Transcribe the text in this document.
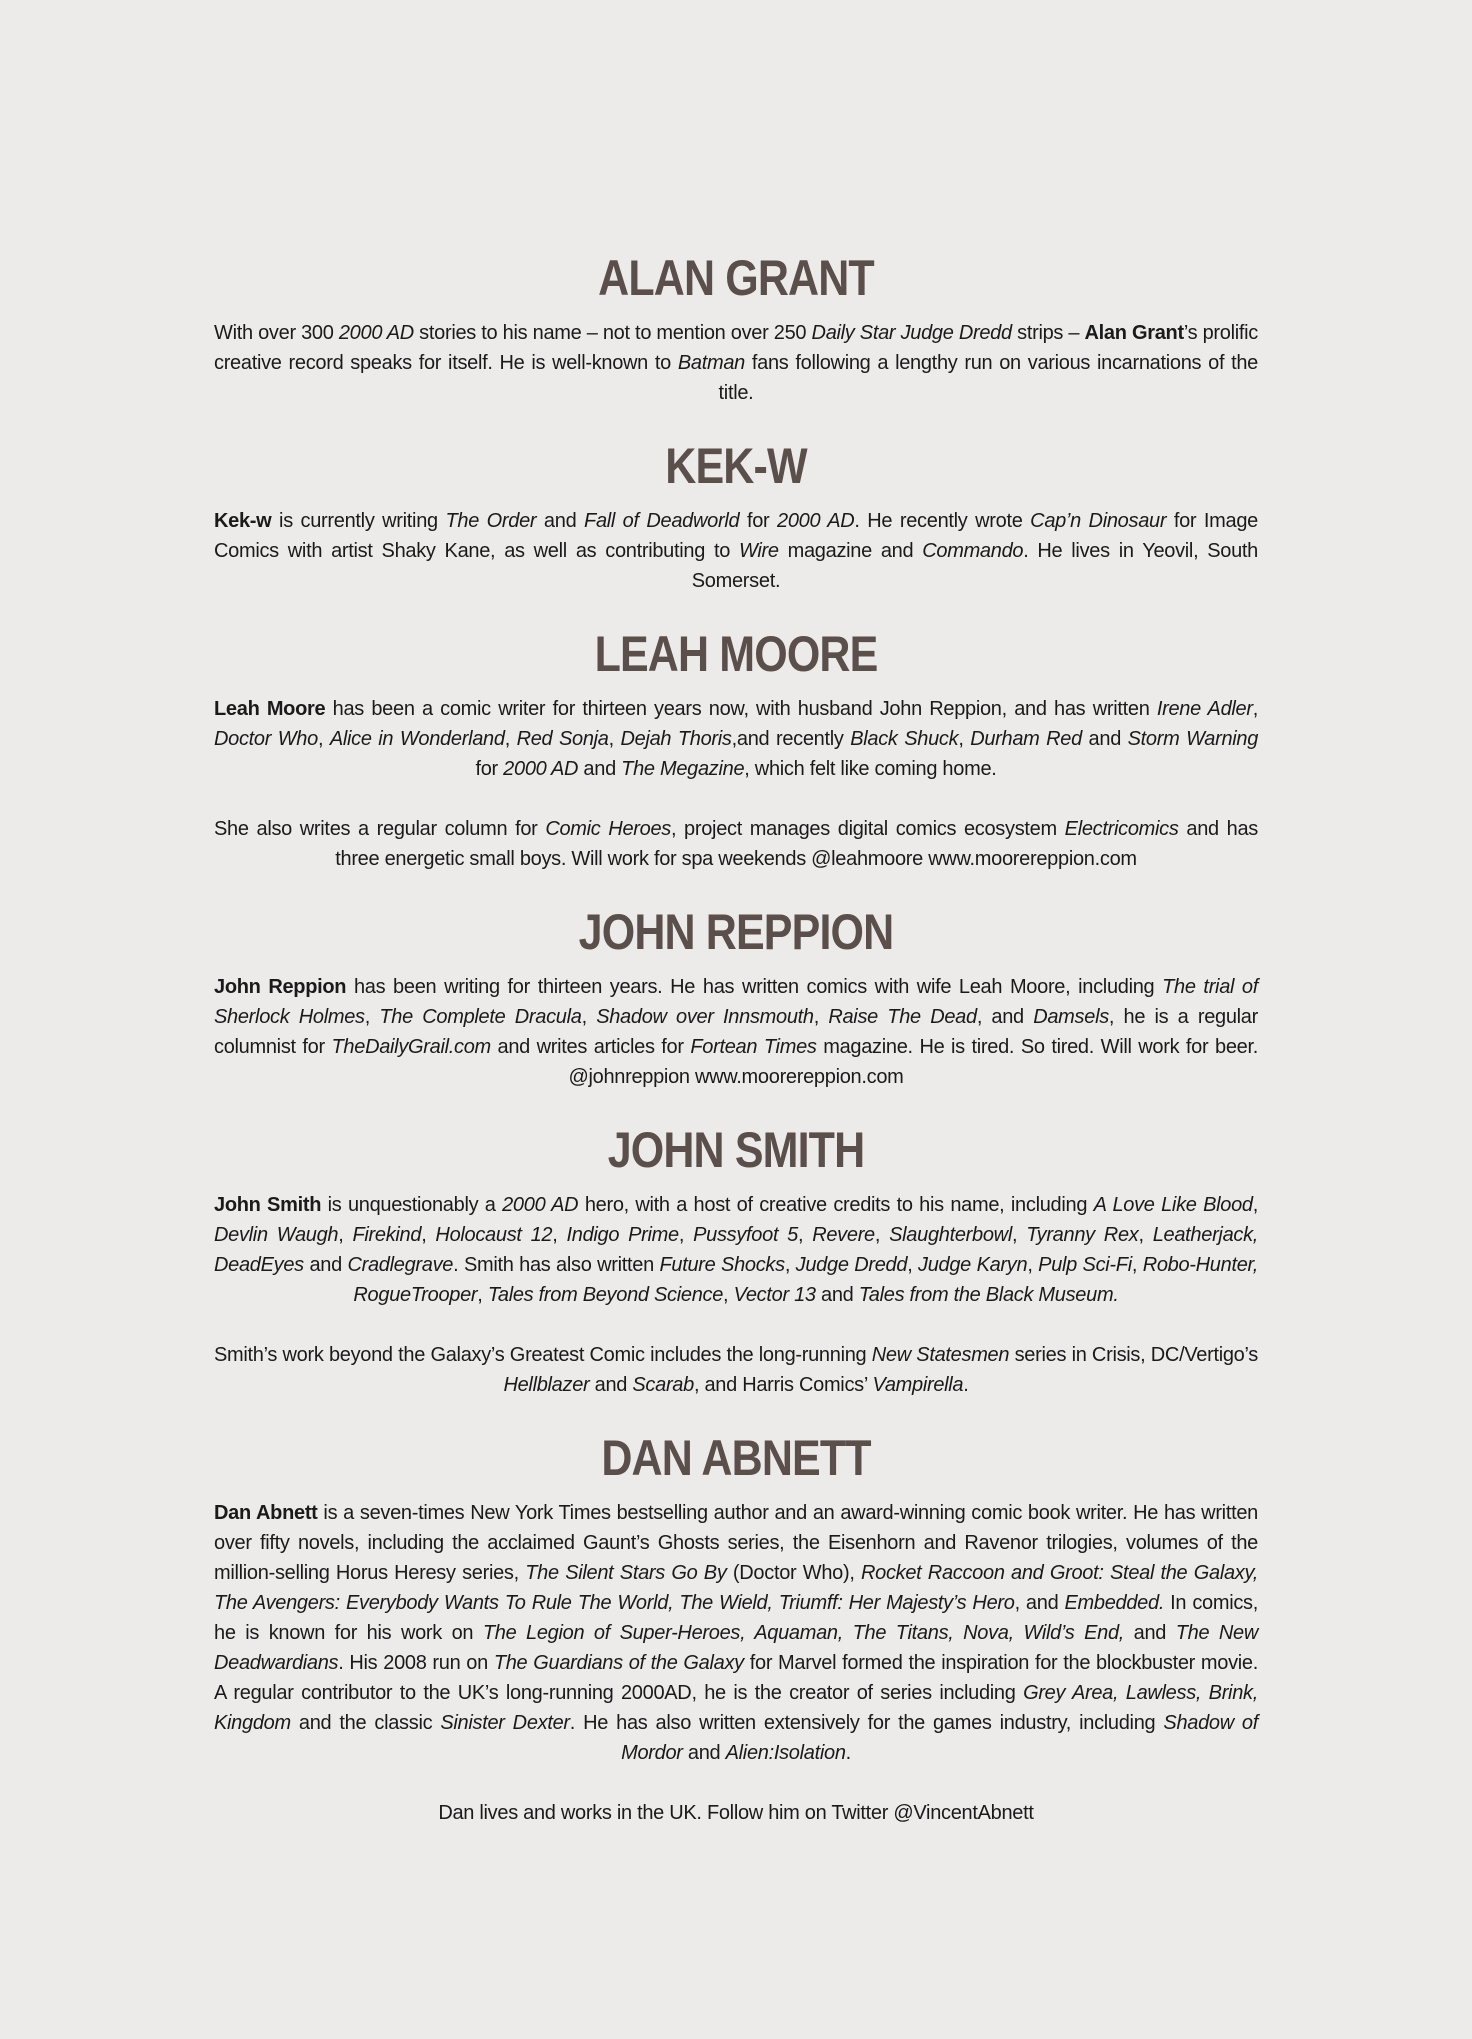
ALAN GRANT

With over 300 2000 AD stories to his name – not to mention over 250 Daily Star Judge Dredd strips – Alan Grant’s prolific creative record speaks for itself. He is well-known to Batman fans following a lengthy run on various incarnations of the title.

KEK-W

Kek-w is currently writing The Order and Fall of Deadworld for 2000 AD. He recently wrote Cap’n Dinosaur for Image Comics with artist Shaky Kane, as well as contributing to Wire magazine and Commando. He lives in Yeovil, South Somerset.

LEAH MOORE

Leah Moore has been a comic writer for thirteen years now, with husband John Reppion, and has written Irene Adler, Doctor Who, Alice in Wonderland, Red Sonja, Dejah Thoris,and recently Black Shuck, Durham Red and Storm Warning for 2000 AD and The Megazine, which felt like coming home.

She also writes a regular column for Comic Heroes, project manages digital comics ecosystem Electricomics and has three energetic small boys. Will work for spa weekends @leahmoore www.moorereppion.com

JOHN REPPION

John Reppion has been writing for thirteen years. He has written comics with wife Leah Moore, including The trial of Sherlock Holmes, The Complete Dracula, Shadow over Innsmouth, Raise The Dead, and Damsels, he is a regular columnist for TheDailyGrail.com and writes articles for Fortean Times magazine. He is tired. So tired. Will work for beer. @johnreppion www.moorereppion.com

JOHN SMITH

John Smith is unquestionably a 2000 AD hero, with a host of creative credits to his name, including A Love Like Blood, Devlin Waugh, Firekind, Holocaust 12, Indigo Prime, Pussyfoot 5, Revere, Slaughterbowl, Tyranny Rex, Leatherjack, DeadEyes and Cradlegrave. Smith has also written Future Shocks, Judge Dredd, Judge Karyn, Pulp Sci-Fi, Robo-Hunter, RogueTrooper, Tales from Beyond Science, Vector 13 and Tales from the Black Museum.

Smith’s work beyond the Galaxy’s Greatest Comic includes the long-running New Statesmen series in Crisis, DC/Vertigo’s Hellblazer and Scarab, and Harris Comics’ Vampirella.

DAN ABNETT

Dan Abnett is a seven-times New York Times bestselling author and an award-winning comic book writer. He has written over fifty novels, including the acclaimed Gaunt’s Ghosts series, the Eisenhorn and Ravenor trilogies, volumes of the million-selling Horus Heresy series, The Silent Stars Go By (Doctor Who), Rocket Raccoon and Groot: Steal the Galaxy, The Avengers: Everybody Wants To Rule The World, The Wield, Triumff: Her Majesty’s Hero, and Embedded. In comics, he is known for his work on The Legion of Super-Heroes, Aquaman, The Titans, Nova, Wild’s End, and The New Deadwardians. His 2008 run on The Guardians of the Galaxy for Marvel formed the inspiration for the blockbuster movie. A regular contributor to the UK’s long-running 2000AD, he is the creator of series including Grey Area, Lawless, Brink, Kingdom and the classic Sinister Dexter. He has also written extensively for the games industry, including Shadow of Mordor and Alien:Isolation.

Dan lives and works in the UK. Follow him on Twitter @VincentAbnett
